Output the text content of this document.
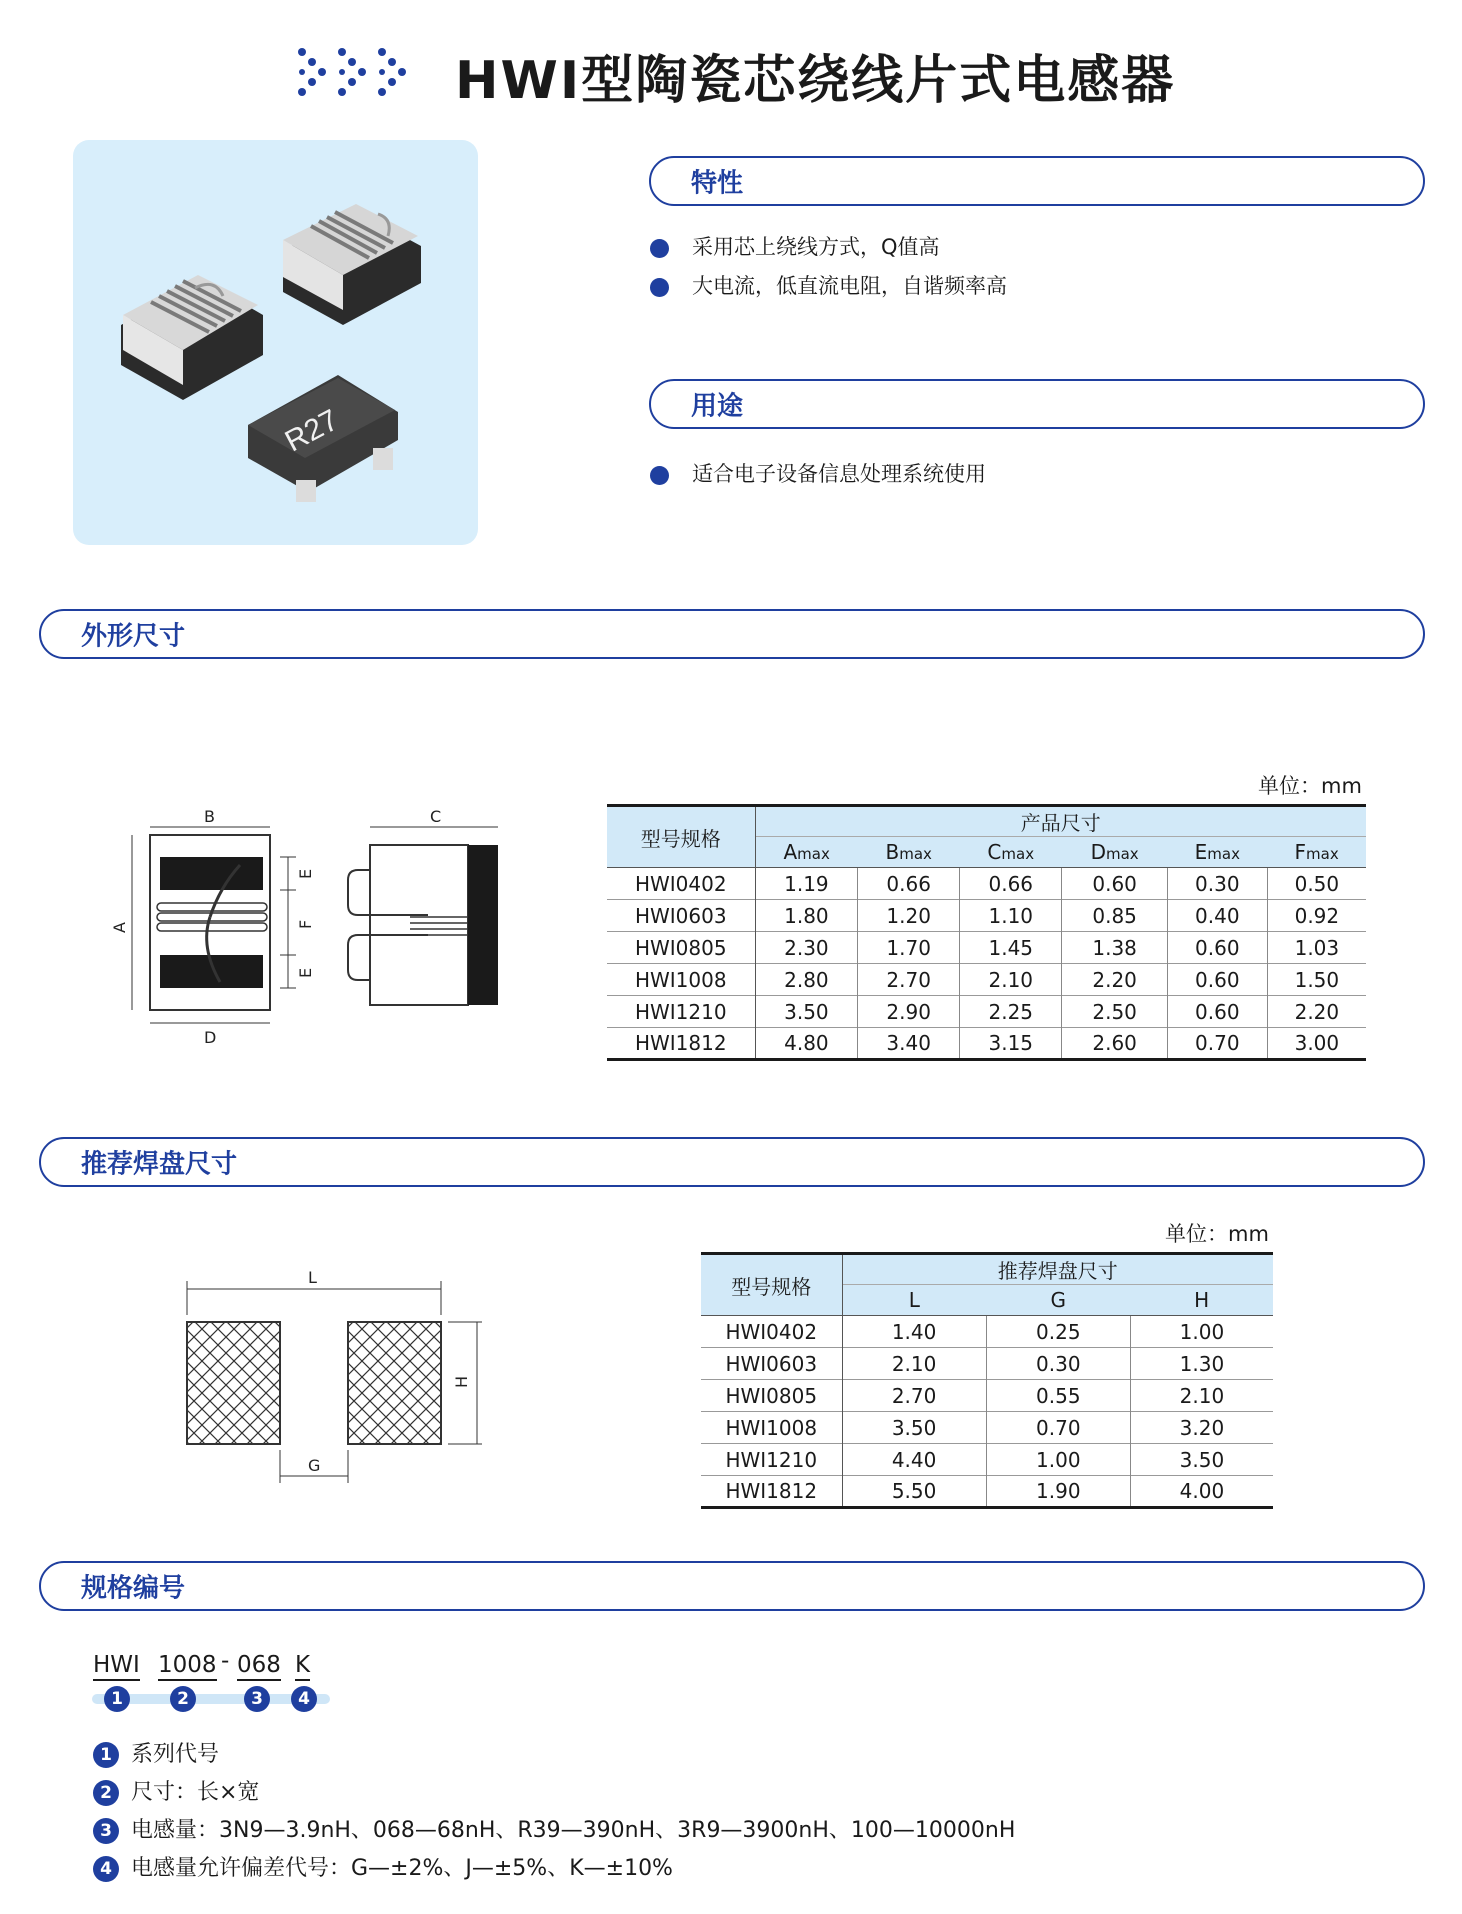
HWI型陶瓷芯绕线片式电感器
R27
特性
采用芯上绕线方式，Q值高
大电流，低直流电阻，自谐频率高
用途
适合电子设备信息处理系统使用
外形尺寸
B
D
A
E
F
E
C
单位：mm
型号规格	产品尺寸					
	Amax	Bmax	Cmax	Dmax	Emax	Fmax
HWI0402	1.19	0.66	0.66	0.60	0.30	0.50
HWI0603	1.80	1.20	1.10	0.85	0.40	0.92
HWI0805	2.30	1.70	1.45	1.38	0.60	1.03
HWI1008	2.80	2.70	2.10	2.20	0.60	1.50
HWI1210	3.50	2.90	2.25	2.50	0.60	2.20
HWI1812	4.80	3.40	3.15	2.60	0.70	3.00
推荐焊盘尺寸
L
G
H
单位：mm
型号规格	推荐焊盘尺寸		
	L	G	H
HWI0402	1.40	0.25	1.00
HWI0603	2.10	0.30	1.30
HWI0805	2.70	0.55	2.10
HWI1008	3.50	0.70	3.20
HWI1210	4.40	1.00	3.50
HWI1812	5.50	1.90	4.00
规格编号
HWI 1008 - 068 K
1	2	3	4
1 系列代号
2 尺寸：长×宽
3 电感量：3N9—3.9nH、068—68nH、R39—390nH、3R9—3900nH、100—10000nH
4 电感量允许偏差代号：G—±2%、J—±5%、K—±10%
